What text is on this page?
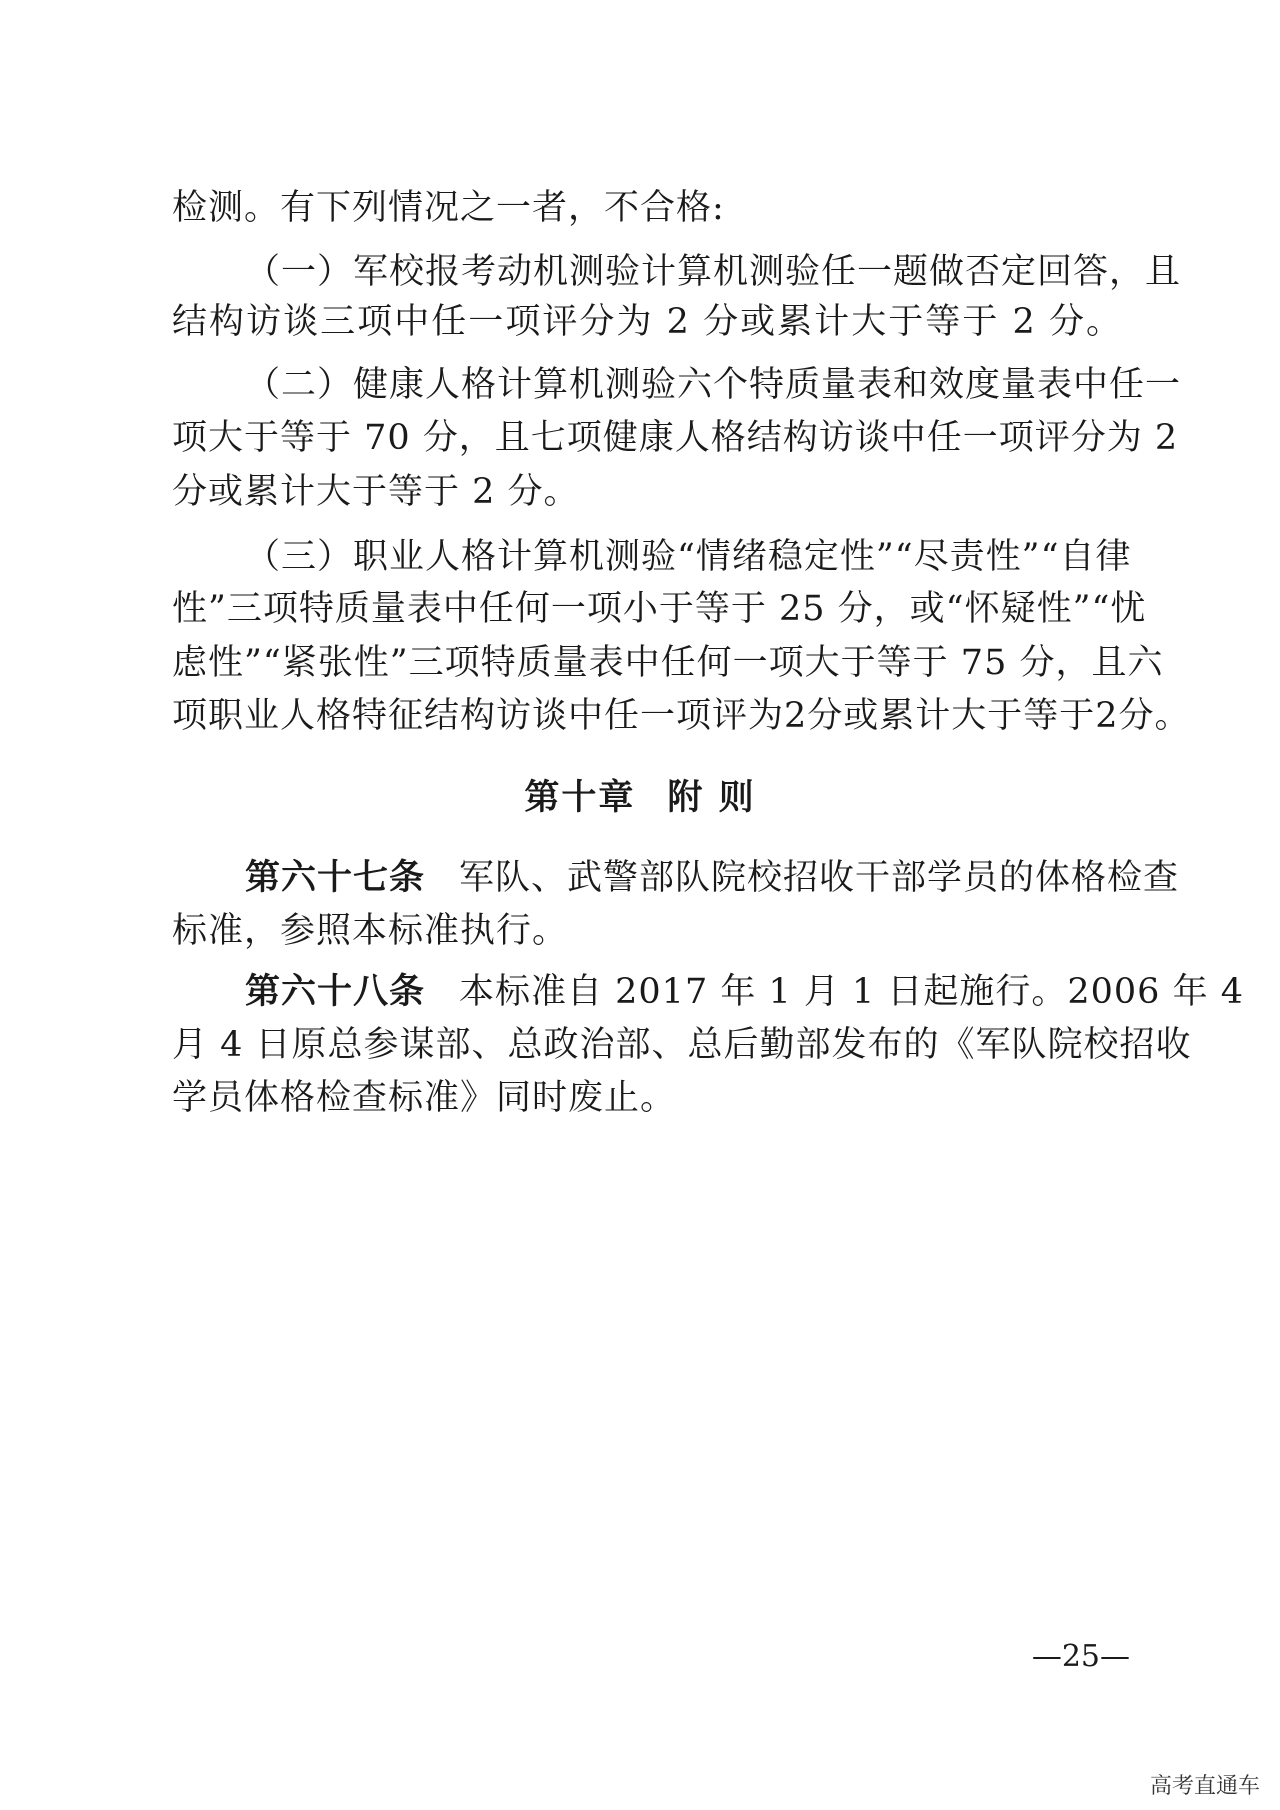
检测。有下列情况之一者，不合格:
（一）军校报考动机测验计算机测验任一题做否定回答，且
结构访谈三项中任一项评分为 2 分或累计大于等于 2 分。
（二）健康人格计算机测验六个特质量表和效度量表中任一
项大于等于 70 分，且七项健康人格结构访谈中任一项评分为 2
分或累计大于等于 2 分。
（三）职业人格计算机测验“情绪稳定性”“尽责性”“自律
性”三项特质量表中任何一项小于等于 25 分，或“怀疑性”“忧
虑性”“紧张性”三项特质量表中任何一项大于等于 75 分，且六
项职业人格特征结构访谈中任一项评为2分或累计大于等于2分。
第十章 附 则
第六十七条 军队、武警部队院校招收干部学员的体格检查
标准，参照本标准执行。
第六十八条 本标准自 2017 年 1 月 1 日起施行。2006 年 4
月 4 日原总参谋部、总政治部、总后勤部发布的《军队院校招收
学员体格检查标准》同时废止。
—25—
高考直通车
